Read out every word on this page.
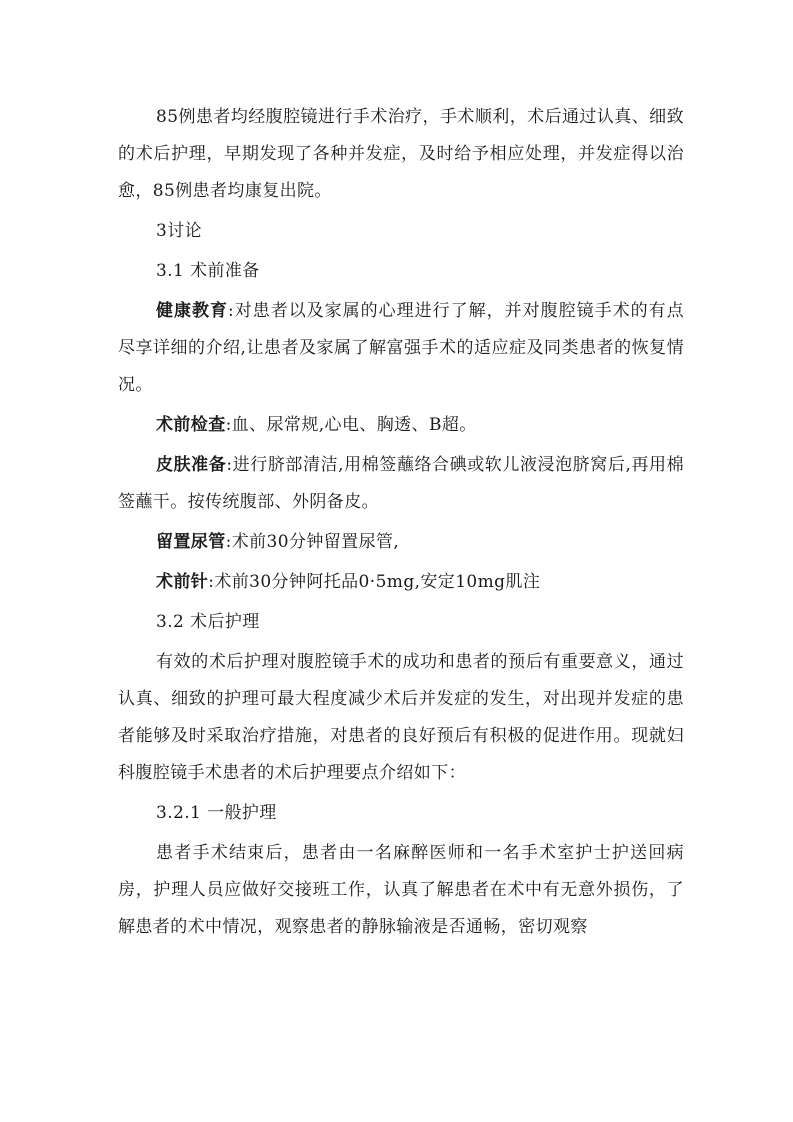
85例患者均经腹腔镜进行手术治疗，手术顺利，术后通过认真、细致的术后护理，早期发现了各种并发症，及时给予相应处理，并发症得以治愈，85例患者均康复出院。

3讨论

3.1 术前准备

健康教育:对患者以及家属的心理进行了解，并对腹腔镜手术的有点尽享详细的介绍,让患者及家属了解富强手术的适应症及同类患者的恢复情况。

术前检查:血、尿常规,心电、胸透、B超。

皮肤准备:进行脐部清洁,用棉签蘸络合碘或软儿液浸泡脐窝后,再用棉签蘸干。按传统腹部、外阴备皮。

留置尿管:术前30分钟留置尿管,

术前针:术前30分钟阿托品0·5mg,安定10mg肌注

3.2 术后护理

有效的术后护理对腹腔镜手术的成功和患者的预后有重要意义，通过认真、细致的护理可最大程度减少术后并发症的发生，对出现并发症的患者能够及时采取治疗措施，对患者的良好预后有积极的促进作用。现就妇科腹腔镜手术患者的术后护理要点介绍如下：

3.2.1 一般护理

患者手术结束后，患者由一名麻醉医师和一名手术室护士护送回病房，护理人员应做好交接班工作，认真了解患者在术中有无意外损伤，了解患者的术中情况，观察患者的静脉输液是否通畅，密切观察
